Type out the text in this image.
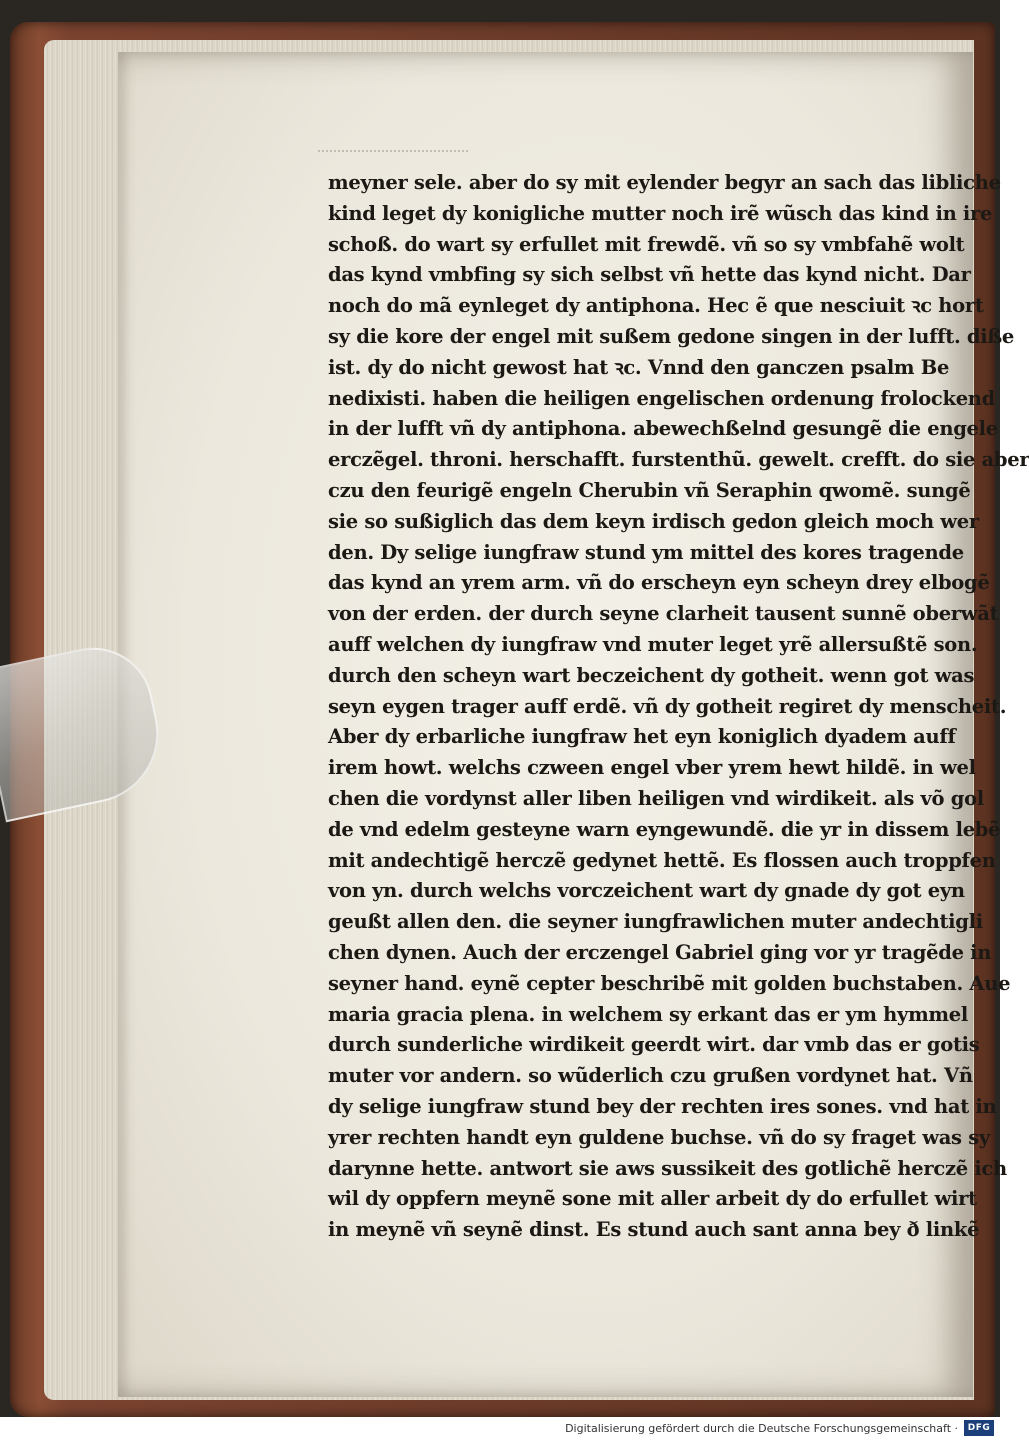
meyner sele. aber do sy mit eylender begyr an sach das libliche
kind leget dy konigliche mutter noch irẽ wũsch das kind in ire
schoß. do wart sy erfullet mit frewdẽ. vñ so sy vmbfahẽ wolt
das kynd vmbfing sy sich selbst vñ hette das kynd nicht. Dar
noch do mã eynleget dy antiphona. Hec ẽ que nesciuit ꝛc hort
sy die kore der engel mit sußem gedone singen in der lufft. diße
ist. dy do nicht gewost hat ꝛc. Vnnd den ganczen psalm Be
nedixisti. haben die heiligen engelischen ordenung frolockend
in der lufft vñ dy antiphona. abewechßelnd gesungẽ die engele
erczẽgel. throni. herschafft. furstenthũ. gewelt. crefft. do sie aber
czu den feurigẽ engeln Cherubin vñ Seraphin qwomẽ. sungẽ
sie so sußiglich das dem keyn irdisch gedon gleich moch wer
den. Dy selige iungfraw stund ym mittel des kores tragende
das kynd an yrem arm. vñ do erscheyn eyn scheyn drey elbogẽ
von der erden. der durch seyne clarheit tausent sunnẽ oberwãt
auff welchen dy iungfraw vnd muter leget yrẽ allersußtẽ son.
durch den scheyn wart beczeichent dy gotheit. wenn got was
seyn eygen trager auff erdẽ. vñ dy gotheit regiret dy menscheit.
Aber dy erbarliche iungfraw het eyn koniglich dyadem auff
irem howt. welchs czween engel vber yrem hewt hildẽ. in wel
chen die vordynst aller liben heiligen vnd wirdikeit. als võ gol
de vnd edelm gesteyne warn eyngewundẽ. die yr in dissem lebẽ
mit andechtigẽ herczẽ gedynet hettẽ. Es flossen auch troppfen
von yn. durch welchs vorczeichent wart dy gnade dy got eyn
geußt allen den. die seyner iungfrawlichen muter andechtigli
chen dynen. Auch der erczengel Gabriel ging vor yr tragẽde in
seyner hand. eynẽ cepter beschribẽ mit golden buchstaben. Aue
maria gracia plena. in welchem sy erkant das er ym hymmel
durch sunderliche wirdikeit geerdt wirt. dar vmb das er gotis
muter vor andern. so wũderlich czu grußen vordynet hat. Vñ
dy selige iungfraw stund bey der rechten ires sones. vnd hat in
yrer rechten handt eyn guldene buchse. vñ do sy fraget was sy
darynne hette. antwort sie aws sussikeit des gotlichẽ herczẽ ich
wil dy oppfern meynẽ sone mit aller arbeit dy do erfullet wirt
in meynẽ vñ seynẽ dinst. Es stund auch sant anna bey ð linkẽ
Digitalisierung gefördert durch die Deutsche Forschungsgemeinschaft ·	DFG
